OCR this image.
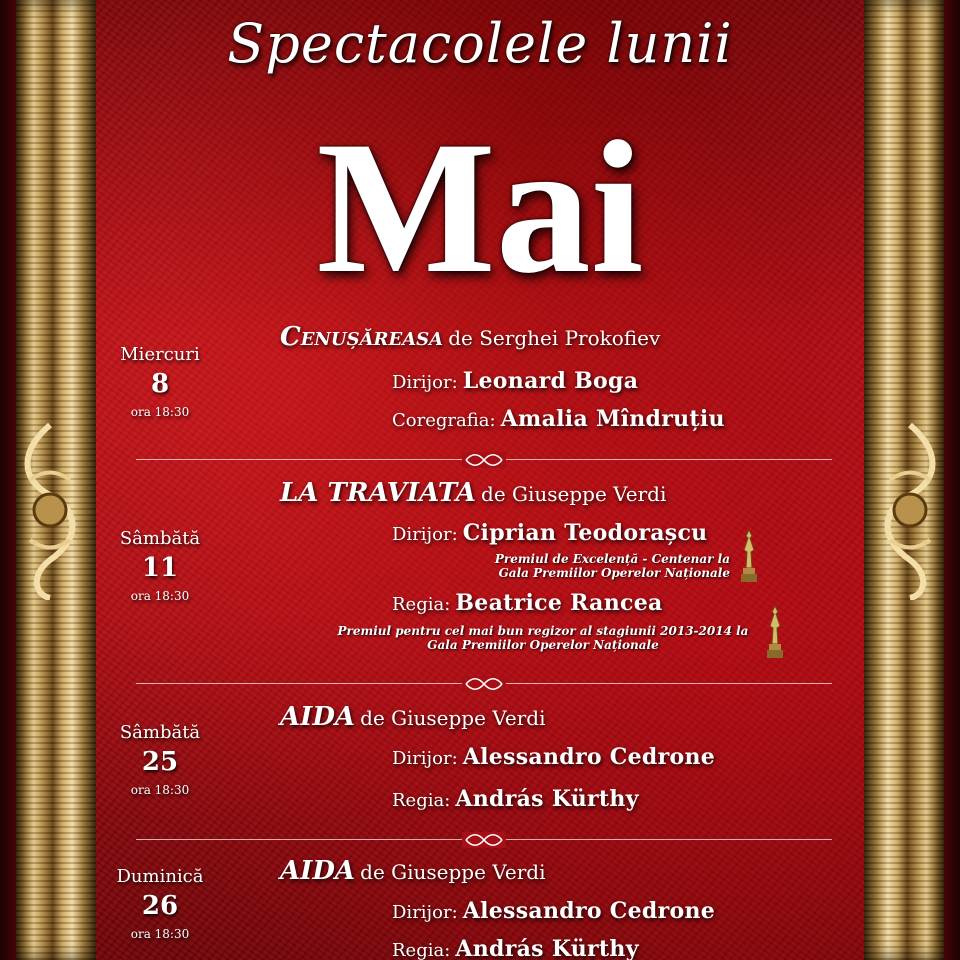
Spectacolele lunii
Mai
Miercuri
8
ora 18:30
Cenușăreasa de Serghei Prokofiev
Dirijor: Leonard Boga
Coregrafia: Amalia Mîndruțiu
Sâmbătă
11
ora 18:30
LA TRAVIATA de Giuseppe Verdi
Dirijor: Ciprian Teodorașcu
Premiul de Excelență - Centenar la
Gala Premiilor Operelor Naționale
Regia: Beatrice Rancea
Premiul pentru cel mai bun regizor al stagiunii 2013-2014 la
Gala Premiilor Operelor Naționale
Sâmbătă
25
ora 18:30
AIDA de Giuseppe Verdi
Dirijor: Alessandro Cedrone
Regia: András Kürthy
Duminică
26
ora 18:30
AIDA de Giuseppe Verdi
Dirijor: Alessandro Cedrone
Regia: András Kürthy
